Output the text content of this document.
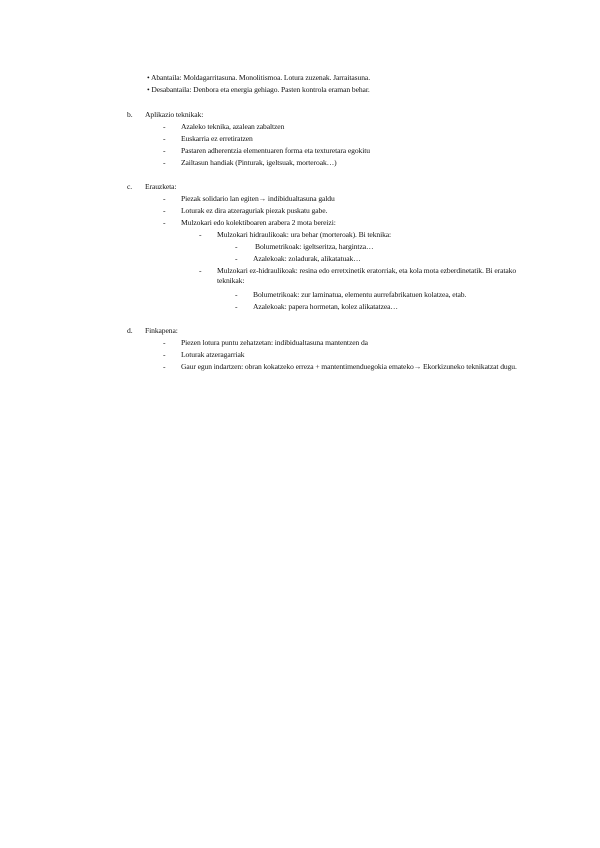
• Abantaila: Moldagarritasuna. Monolitismoa. Lotura zuzenak. Jarraitasuna.
• Desabantaila: Denbora eta energia gehiago. Pasten kontrola eraman behar.
b. Aplikazio teknikak:
- Azaleko teknika, azalean zabaltzen
- Euskarria ez erretiratzen
- Pastaren adherentzia elementuaren forma eta texturetara egokitu
- Zailtasun handiak (Pinturak, igeltsuak, morteroak…)
c. Erauzketa:
- Piezak solidario lan egiten→ indibidualtasuna galdu
- Loturak ez dira atzeraguriak piezak puskatu gabe.
- Mulzokari edo kolektiboaren arabera 2 mota bereizi:
- Mulzokari hidraulikoak: ura behar (morteroak). Bi teknika:
- Bolumetrikoak: igeltseritza, hargintza…
- Azalekoak: zoladurak, alikatatuak…
- Mulzokari ez-hidraulikoak: resina edo erretxinetik eratorriak, eta kola mota ezberdinetatik. Bi eratako teknikak:
- Bolumetrikoak: zur laminatua, elementu aurrefabrikatuen kolatzea, etab.
- Azalekoak: papera hormetan, kolez alikatatzea…
d. Finkapena:
- Piezen lotura puntu zehatzetan: indibidualtasuna mantentzen da
- Loturak atzeragarriak
- Gaur egun indartzen: obran kokatzeko erreza + mantentimenduegokia emateko→ Ekorkizuneko teknikatzat dugu.
